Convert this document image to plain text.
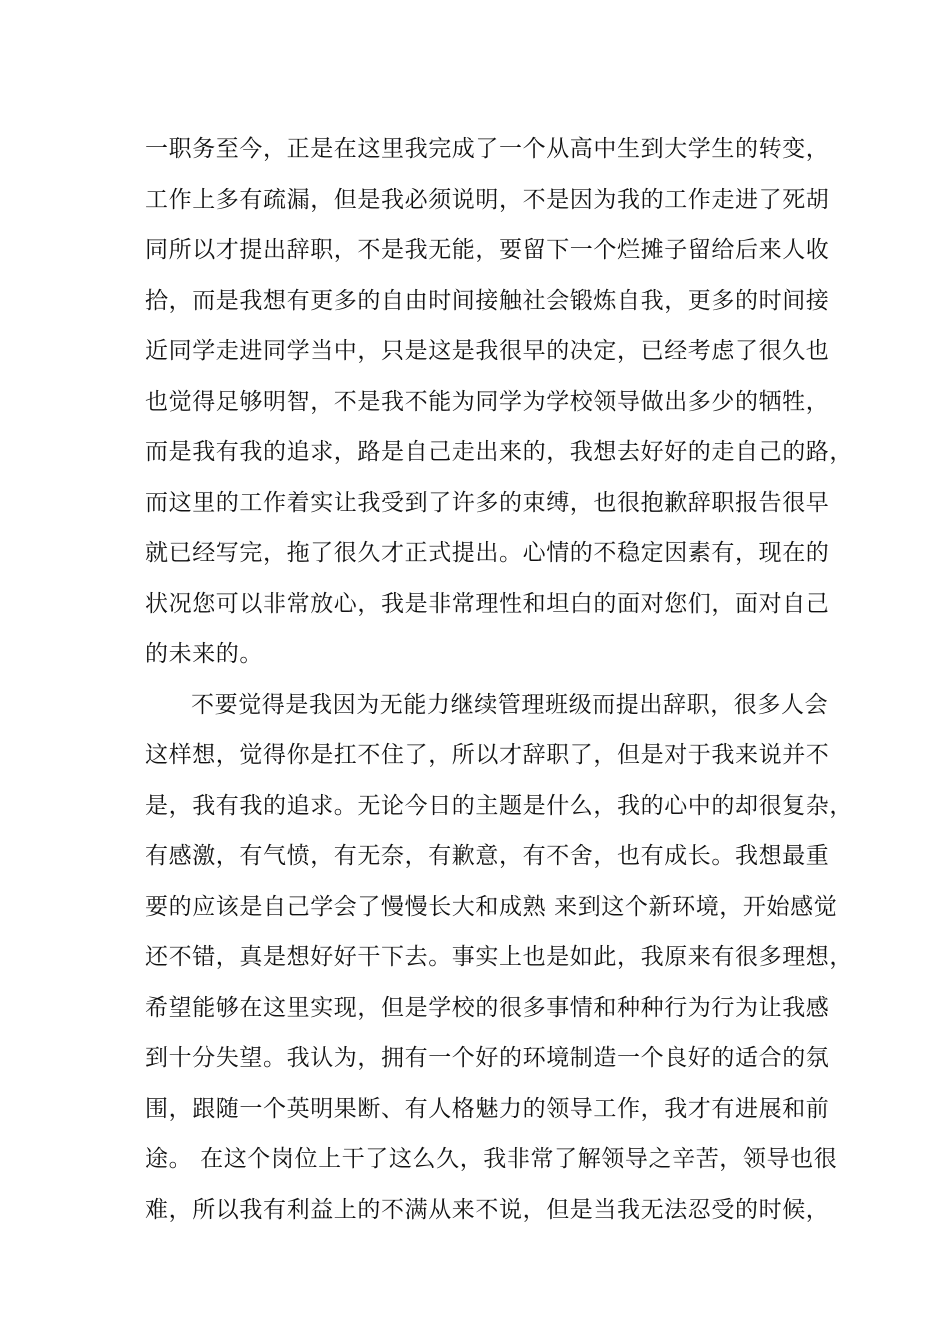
一职务至今，正是在这里我完成了一个从高中生到大学生的转变，
工作上多有疏漏，但是我必须说明，不是因为我的工作走进了死胡
同所以才提出辞职，不是我无能，要留下一个烂摊子留给后来人收
拾，而是我想有更多的自由时间接触社会锻炼自我，更多的时间接
近同学走进同学当中，只是这是我很早的决定，已经考虑了很久也
也觉得足够明智，不是我不能为同学为学校领导做出多少的牺牲，
而是我有我的追求，路是自己走出来的，我想去好好的走自己的路，
而这里的工作着实让我受到了许多的束缚，也很抱歉辞职报告很早
就已经写完，拖了很久才正式提出。心情的不稳定因素有，现在的
状况您可以非常放心，我是非常理性和坦白的面对您们，面对自己
的未来的。
不要觉得是我因为无能力继续管理班级而提出辞职，很多人会
这样想，觉得你是扛不住了，所以才辞职了，但是对于我来说并不
是，我有我的追求。无论今日的主题是什么，我的心中的却很复杂，
有感激，有气愤，有无奈，有歉意，有不舍，也有成长。我想最重
要的应该是自己学会了慢慢长大和成熟 来到这个新环境，开始感觉
还不错，真是想好好干下去。事实上也是如此，我原来有很多理想，
希望能够在这里实现，但是学校的很多事情和种种行为行为让我感
到十分失望。我认为，拥有一个好的环境制造一个良好的适合的氛
围，跟随一个英明果断、有人格魅力的领导工作，我才有进展和前
途。 在这个岗位上干了这么久，我非常了解领导之辛苦，领导也很
难，所以我有利益上的不满从来不说，但是当我无法忍受的时候，
